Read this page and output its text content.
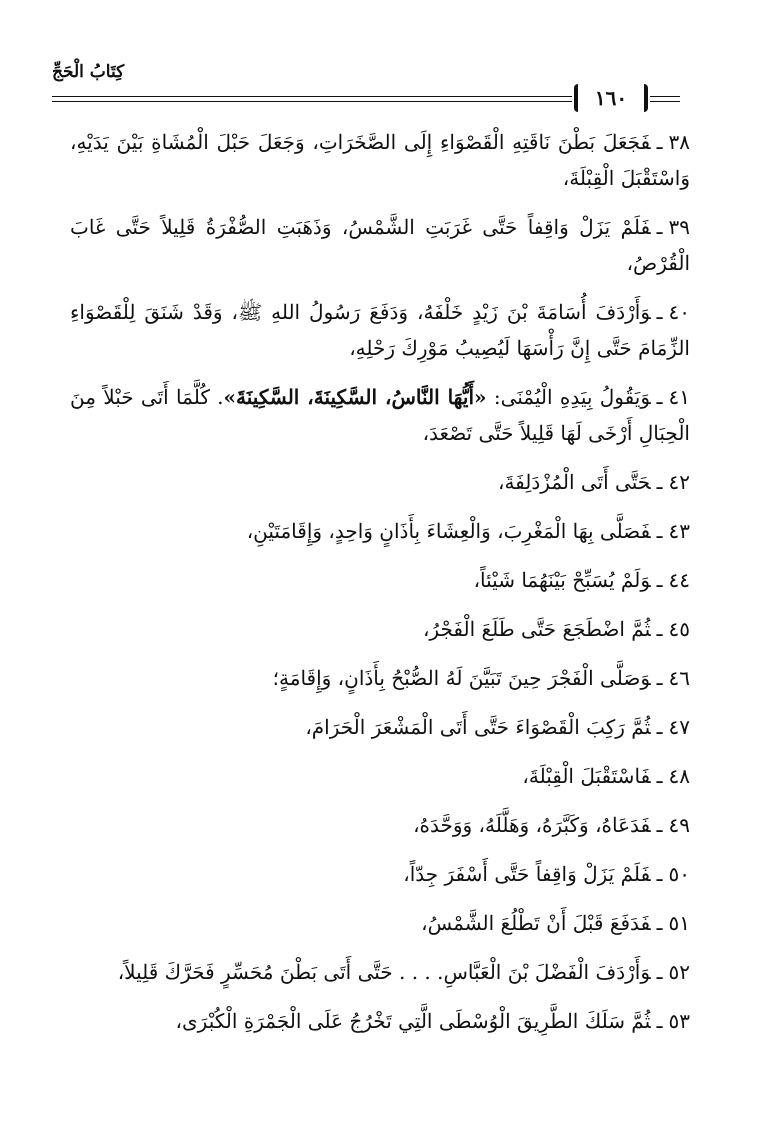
كِتَابُ الْحَجِّ
١٦٠
٣٨ـفَجَعَلَ بَطْنَ نَاقَتِهِ الْقَصْوَاءِ إِلَى الصَّخَرَاتِ، وَجَعَلَ حَبْلَ الْمُشَاةِ بَيْنَ يَدَيْهِ، وَاسْتَقْبَلَ الْقِبْلَةَ،
٣٩ـفَلَمْ يَزَلْ وَاقِفاً حَتَّى غَرَبَتِ الشَّمْسُ، وَذَهَبَتِ الصُّفْرَةُ قَلِيلاً حَتَّى غَابَ الْقُرْصُ،
٤٠ـوَأَرْدَفَ أُسَامَةَ بْنَ زَيْدٍ خَلْفَهُ، وَدَفَعَ رَسُولُ اللهِ ﷺ، وَقَدْ شَنَقَ لِلْقَصْوَاءِ الزِّمَامَ حَتَّى إِنَّ رَأْسَهَا لَيُصِيبُ مَوْرِكَ رَحْلِهِ،
٤١ـوَيَقُولُ بِيَدِهِ الْيُمْنَى: «أَيُّهَا النَّاسُ، السَّكِينَةَ، السَّكِينَةَ». كُلَّمَا أَتَى حَبْلاً مِنَ الْحِبَالِ أَرْخَى لَهَا قَلِيلاً حَتَّى تَصْعَدَ،
٤٢ـحَتَّى أَتَى الْمُزْدَلِفَةَ،
٤٣ـفَصَلَّى بِهَا الْمَغْرِبَ، وَالْعِشَاءَ بِأَذَانٍ وَاحِدٍ، وَإِقَامَتَيْنِ،
٤٤ـوَلَمْ يُسَبِّحْ بَيْنَهُمَا شَيْئاً،
٤٥ـثُمَّ اضْطَجَعَ حَتَّى طَلَعَ الْفَجْرُ،
٤٦ـوَصَلَّى الْفَجْرَ حِينَ تَبَيَّنَ لَهُ الصُّبْحُ بِأَذَانٍ، وَإِقَامَةٍ؛
٤٧ـثُمَّ رَكِبَ الْقَصْوَاءَ حَتَّى أَتَى الْمَشْعَرَ الْحَرَامَ،
٤٨ـفَاسْتَقْبَلَ الْقِبْلَةَ،
٤٩ـفَدَعَاهُ، وَكَبَّرَهُ، وَهَلَّلَهُ، وَوَحَّدَهُ،
٥٠ـفَلَمْ يَزَلْ وَاقِفاً حَتَّى أَسْفَرَ جِدّاً،
٥١ـفَدَفَعَ قَبْلَ أَنْ تَطْلُعَ الشَّمْسُ،
٥٢ـوَأَرْدَفَ الْفَضْلَ بْنَ الْعَبَّاسِ. . . . حَتَّى أَتَى بَطْنَ مُحَسِّرٍ فَحَرَّكَ قَلِيلاً،
٥٣ـثُمَّ سَلَكَ الطَّرِيقَ الْوُسْطَى الَّتِي تَخْرُجُ عَلَى الْجَمْرَةِ الْكُبْرَى،
